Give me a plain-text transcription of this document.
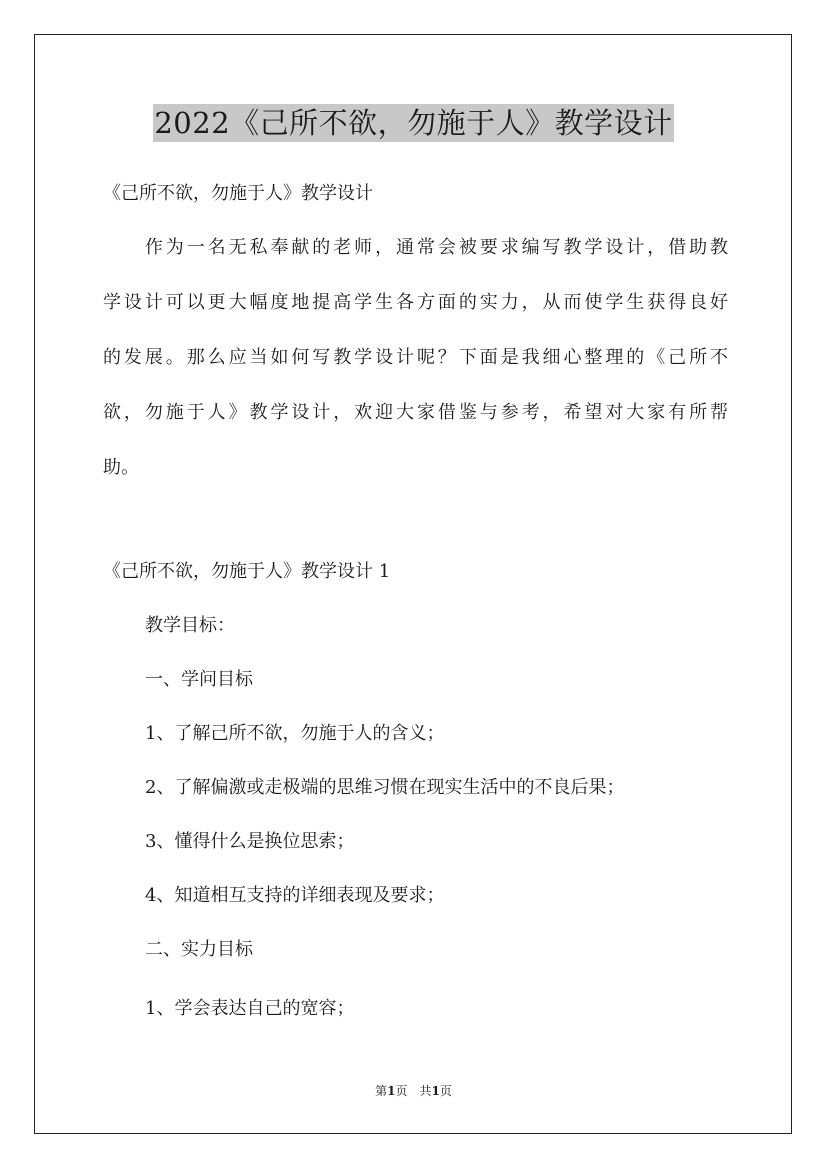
2022《己所不欲，勿施于人》教学设计

《己所不欲，勿施于人》教学设计

　　作为一名无私奉献的老师，通常会被要求编写教学设计，借助教
学设计可以更大幅度地提高学生各方面的实力，从而使学生获得良好
的发展。那么应当如何写教学设计呢？下面是我细心整理的《己所不
欲，勿施于人》教学设计，欢迎大家借鉴与参考，希望对大家有所帮
助。

《己所不欲，勿施于人》教学设计 1

教学目标：

一、学问目标

1、了解己所不欲，勿施于人的含义；

2、了解偏激或走极端的思维习惯在现实生活中的不良后果；

3、懂得什么是换位思索；

4、知道相互支持的详细表现及要求；

二、实力目标

1、学会表达自己的宽容；

第1页　共1页
